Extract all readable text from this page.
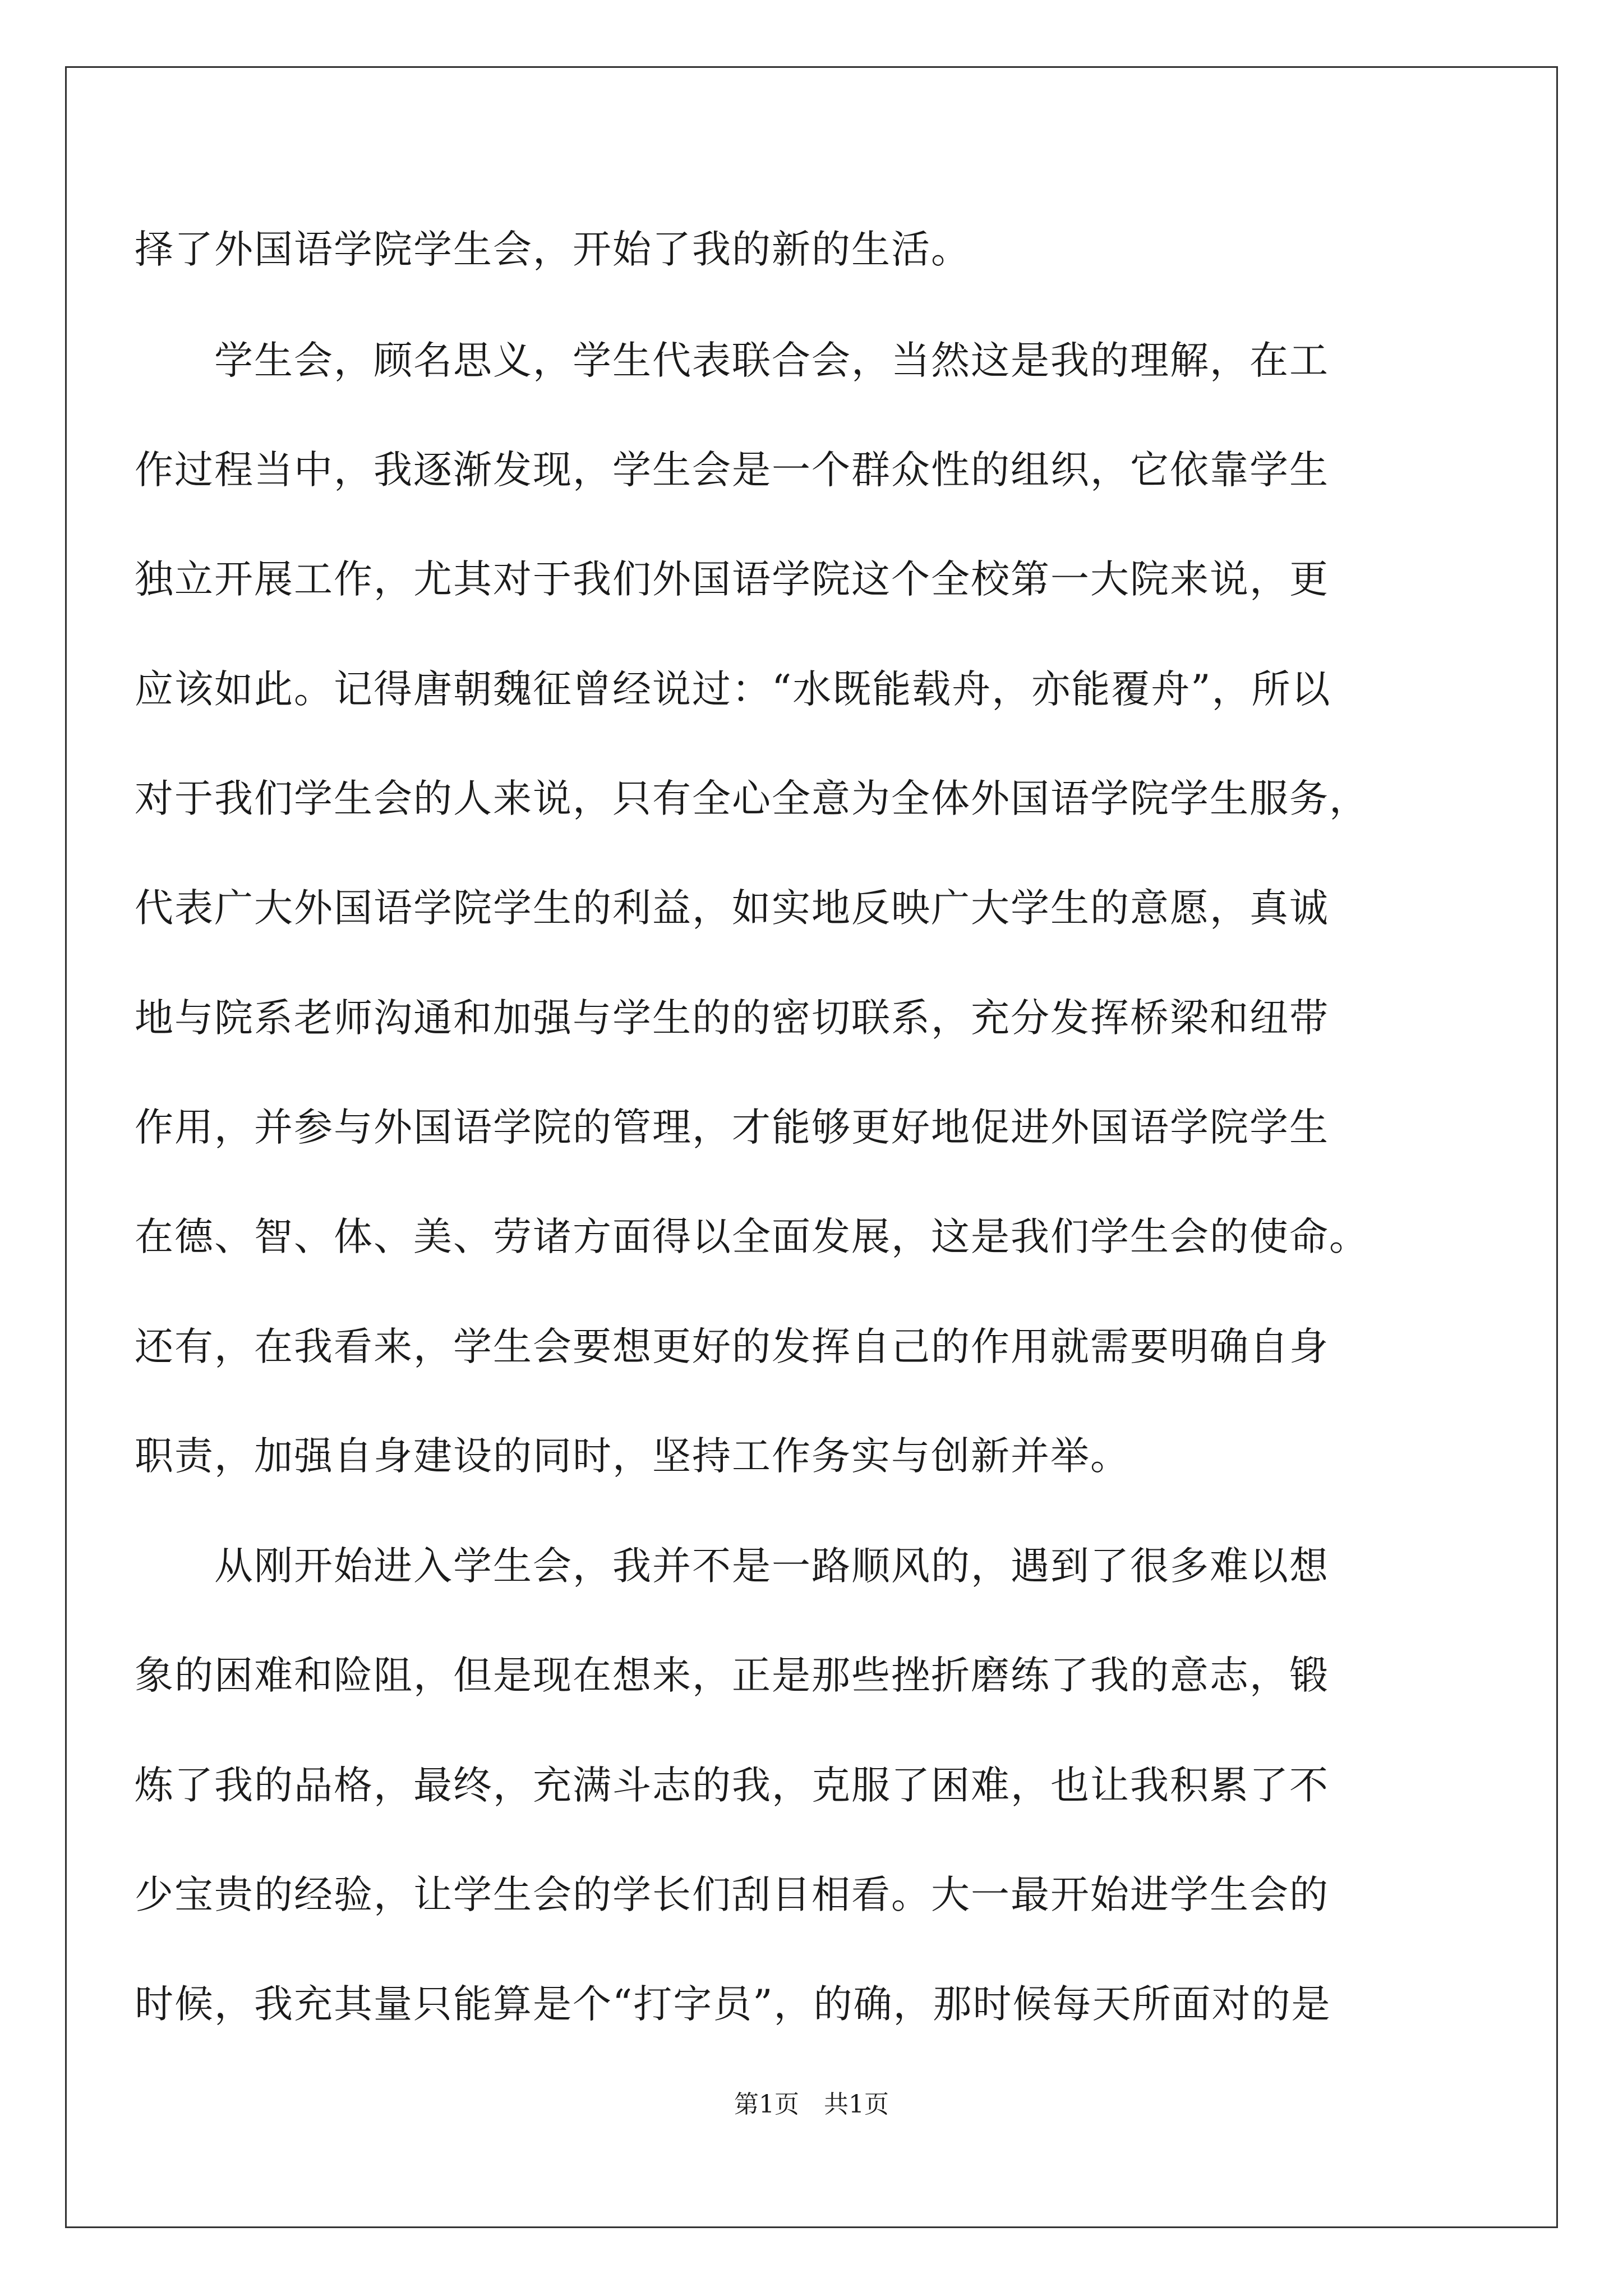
择了外国语学院学生会，开始了我的新的生活。

　　学生会，顾名思义，学生代表联合会，当然这是我的理解，在工

作过程当中，我逐渐发现，学生会是一个群众性的组织，它依靠学生

独立开展工作，尤其对于我们外国语学院这个全校第一大院来说，更

应该如此。记得唐朝魏征曾经说过：“水既能载舟，亦能覆舟”，所以

对于我们学生会的人来说，只有全心全意为全体外国语学院学生服务，

代表广大外国语学院学生的利益，如实地反映广大学生的意愿，真诚

地与院系老师沟通和加强与学生的的密切联系，充分发挥桥梁和纽带

作用，并参与外国语学院的管理，才能够更好地促进外国语学院学生

在德、智、体、美、劳诸方面得以全面发展，这是我们学生会的使命。

还有，在我看来，学生会要想更好的发挥自己的作用就需要明确自身

职责，加强自身建设的同时，坚持工作务实与创新并举。

　　从刚开始进入学生会，我并不是一路顺风的，遇到了很多难以想

象的困难和险阻，但是现在想来，正是那些挫折磨练了我的意志，锻

炼了我的品格，最终，充满斗志的我，克服了困难，也让我积累了不

少宝贵的经验，让学生会的学长们刮目相看。大一最开始进学生会的

时候，我充其量只能算是个“打字员”，的确，那时候每天所面对的是

第1页　共1页
